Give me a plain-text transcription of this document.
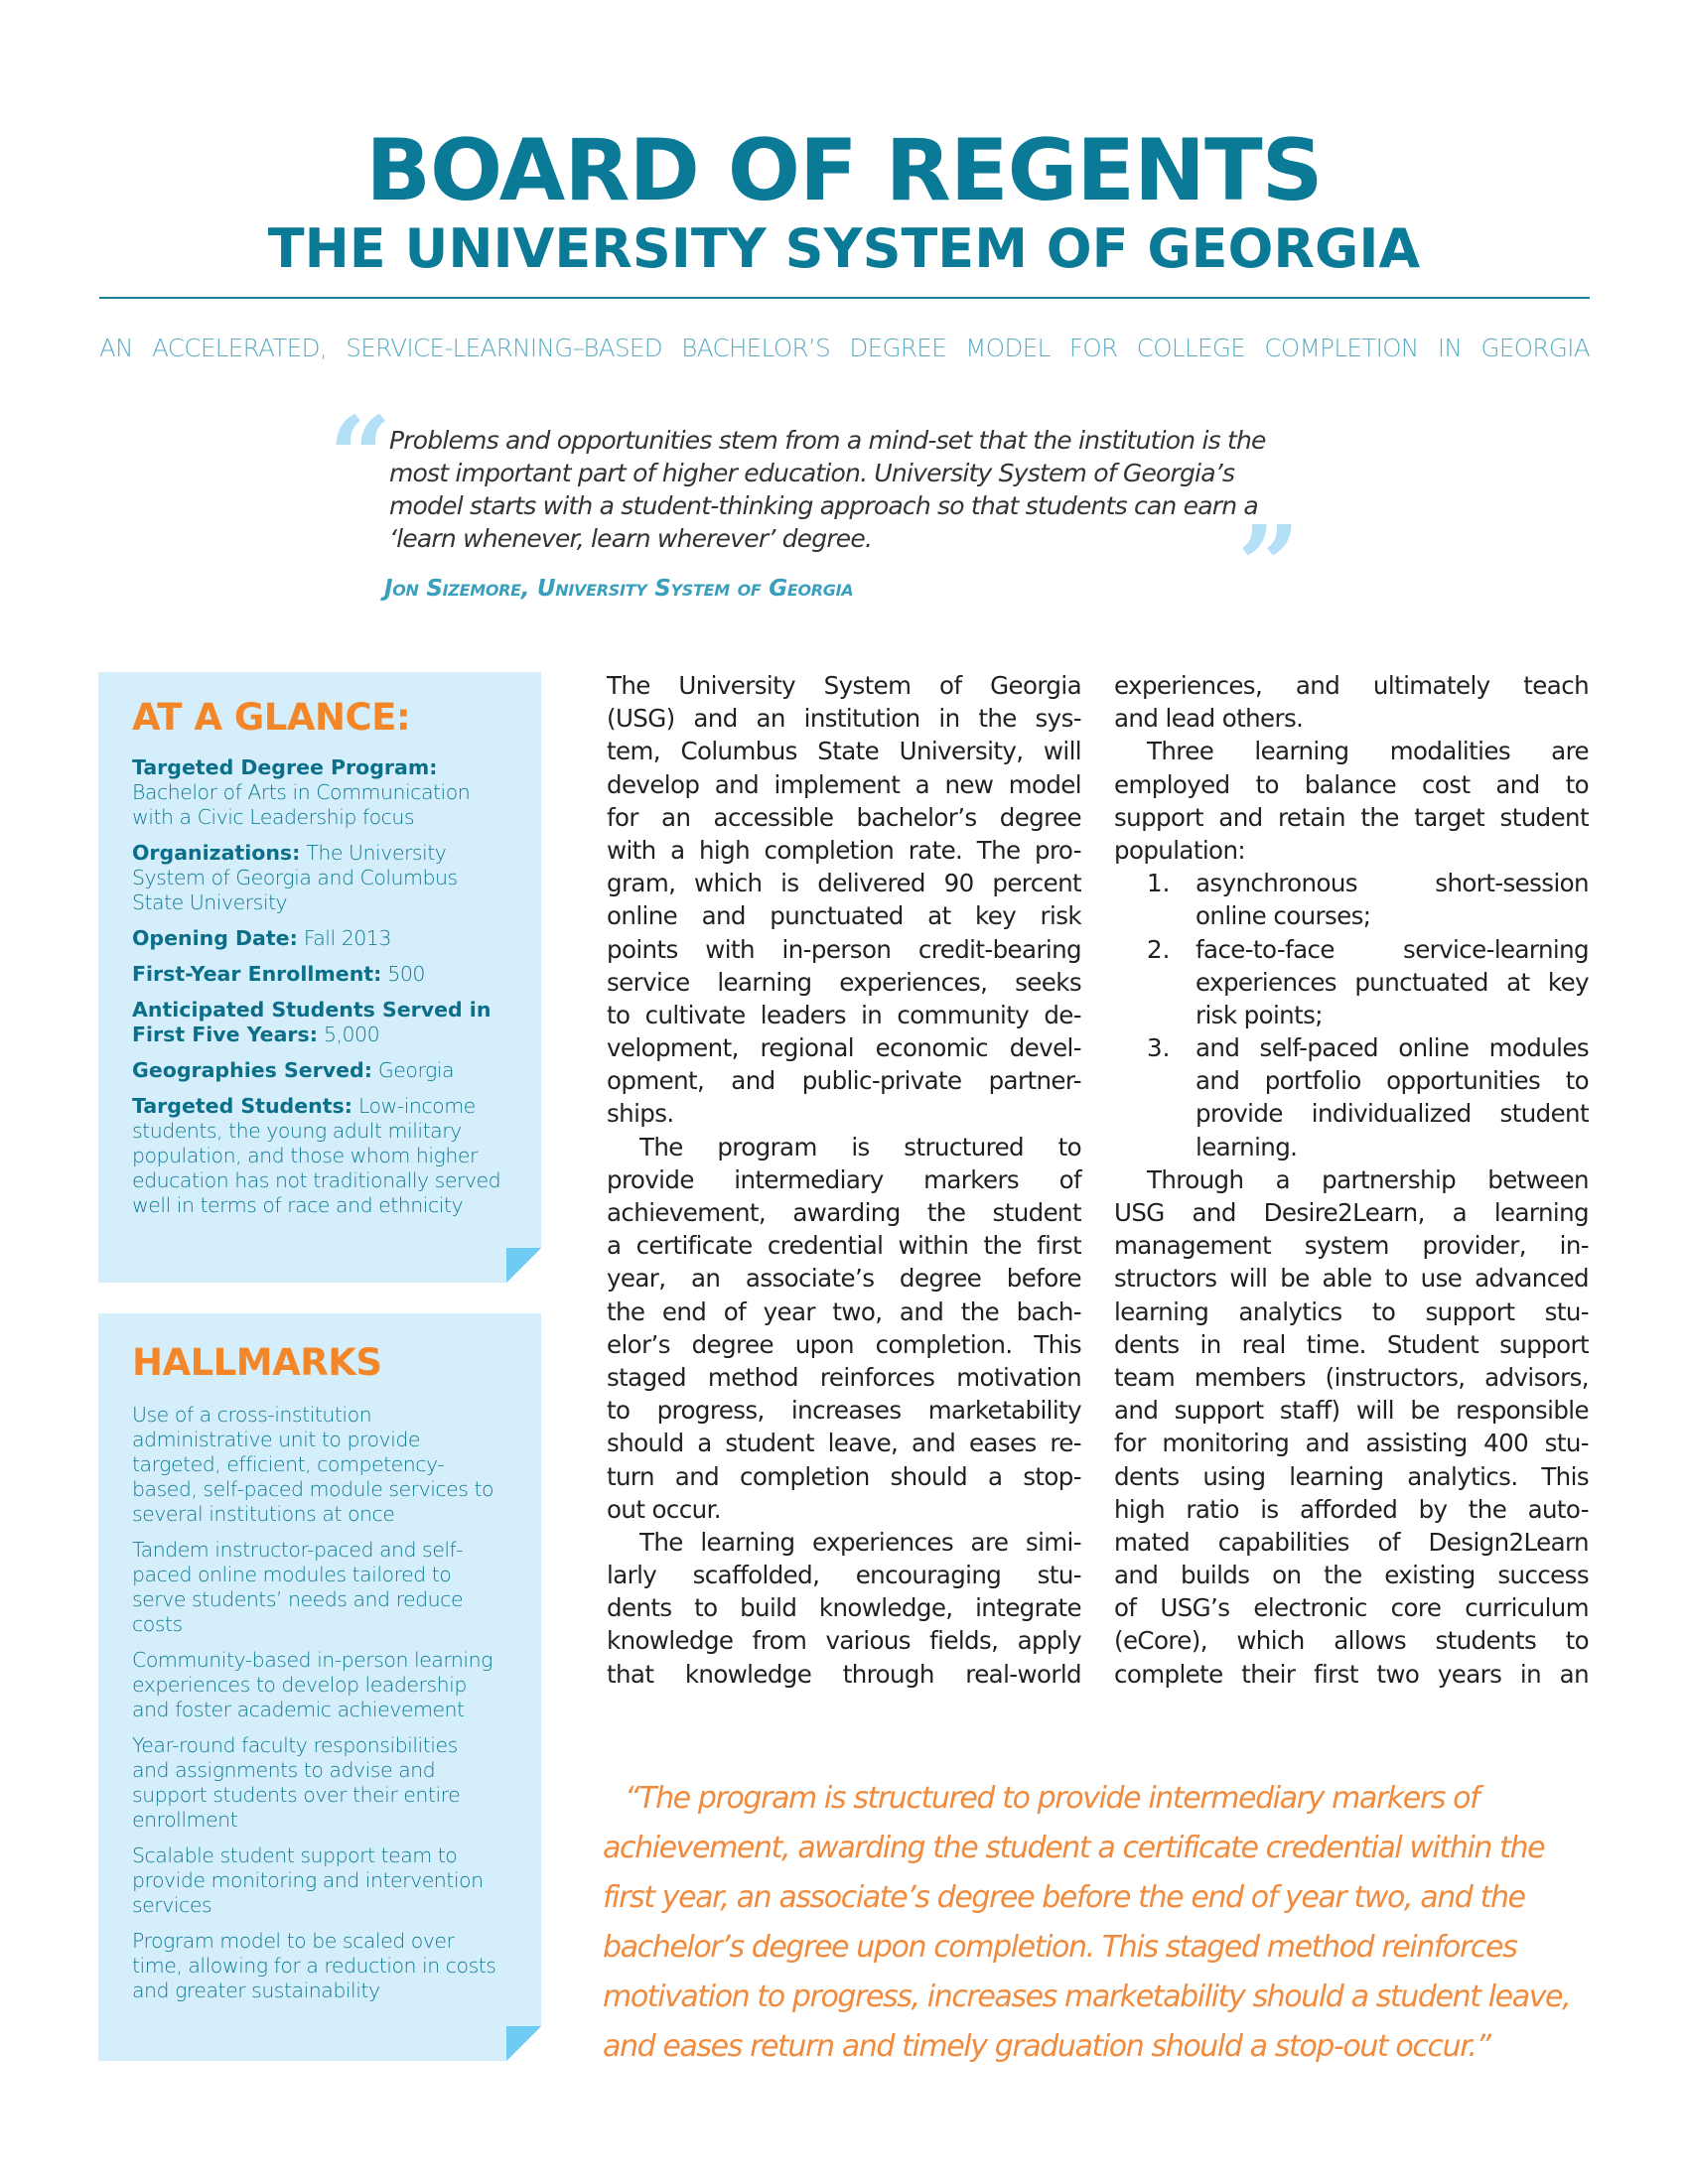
BOARD OF REGENTS
THE UNIVERSITY SYSTEM OF GEORGIA
AN ACCELERATED, SERVICE-LEARNING–BASED BACHELOR’S DEGREE MODEL FOR COLLEGE COMPLETION IN GEORGIA
“
Problems and opportunities stem from a mind-set that the institution is the
most important part of higher education. University System of Georgia’s
model starts with a student-thinking approach so that students can earn a
‘learn whenever, learn wherever’ degree.	”
Jon Sizemore, University System of Georgia
AT A GLANCE:
Targeted Degree Program:
Bachelor of Arts in Communication
with a Civic Leadership focus
Organizations: The University
System of Georgia and Columbus
State University
Opening Date: Fall 2013
First-Year Enrollment: 500
Anticipated Students Served in
First Five Years: 5,000
Geographies Served: Georgia
Targeted Students: Low-income
students, the young adult military
population, and those whom higher
education has not traditionally served
well in terms of race and ethnicity
HALLMARKS
Use of a cross-institution
administrative unit to provide
targeted, efficient, competency-
based, self-paced module services to
several institutions at once
Tandem instructor-paced and self-
paced online modules tailored to
serve students’ needs and reduce
costs
Community-based in-person learning
experiences to develop leadership
and foster academic achievement
Year-round faculty responsibilities
and assignments to advise and
support students over their entire
enrollment
Scalable student support team to
provide monitoring and intervention
services
Program model to be scaled over
time, allowing for a reduction in costs
and greater sustainability
The University System of Georgia
(USG) and an institution in the sys-
tem, Columbus State University, will
develop and implement a new model
for an accessible bachelor’s degree
with a high completion rate. The pro-
gram, which is delivered 90 percent
online and punctuated at key risk
points with in-person credit-bearing
service learning experiences, seeks
to cultivate leaders in community de-
velopment, regional economic devel-
opment, and public-private partner-
ships.
The program is structured to
provide intermediary markers of
achievement, awarding the student
a certificate credential within the first
year, an associate’s degree before
the end of year two, and the bach-
elor’s degree upon completion. This
staged method reinforces motivation
to progress, increases marketability
should a student leave, and eases re-
turn and completion should a stop-
out occur.
The learning experiences are simi-
larly scaffolded, encouraging stu-
dents to build knowledge, integrate
knowledge from various fields, apply
that knowledge through real-world
experiences, and ultimately teach
and lead others.
Three learning modalities are
employed to balance cost and to
support and retain the target student
population:
1.	asynchronous short-session
online courses;
2.	face-to-face service-learning
experiences punctuated at key
risk points;
3.	and self-paced online modules
and portfolio opportunities to
provide individualized student
learning.
Through a partnership between
USG and Desire2Learn, a learning
management system provider, in-
structors will be able to use advanced
learning analytics to support stu-
dents in real time. Student support
team members (instructors, advisors,
and support staff) will be responsible
for monitoring and assisting 400 stu-
dents using learning analytics. This
high ratio is afforded by the auto-
mated capabilities of Design2Learn
and builds on the existing success
of USG’s electronic core curriculum
(eCore), which allows students to
complete their first two years in an
“The program is structured to provide intermediary markers of
achievement, awarding the student a certificate credential within the
first year, an associate’s degree before the end of year two, and the
bachelor’s degree upon completion. This staged method reinforces
motivation to progress, increases marketability should a student leave,
and eases return and timely graduation should a stop-out occur.”
